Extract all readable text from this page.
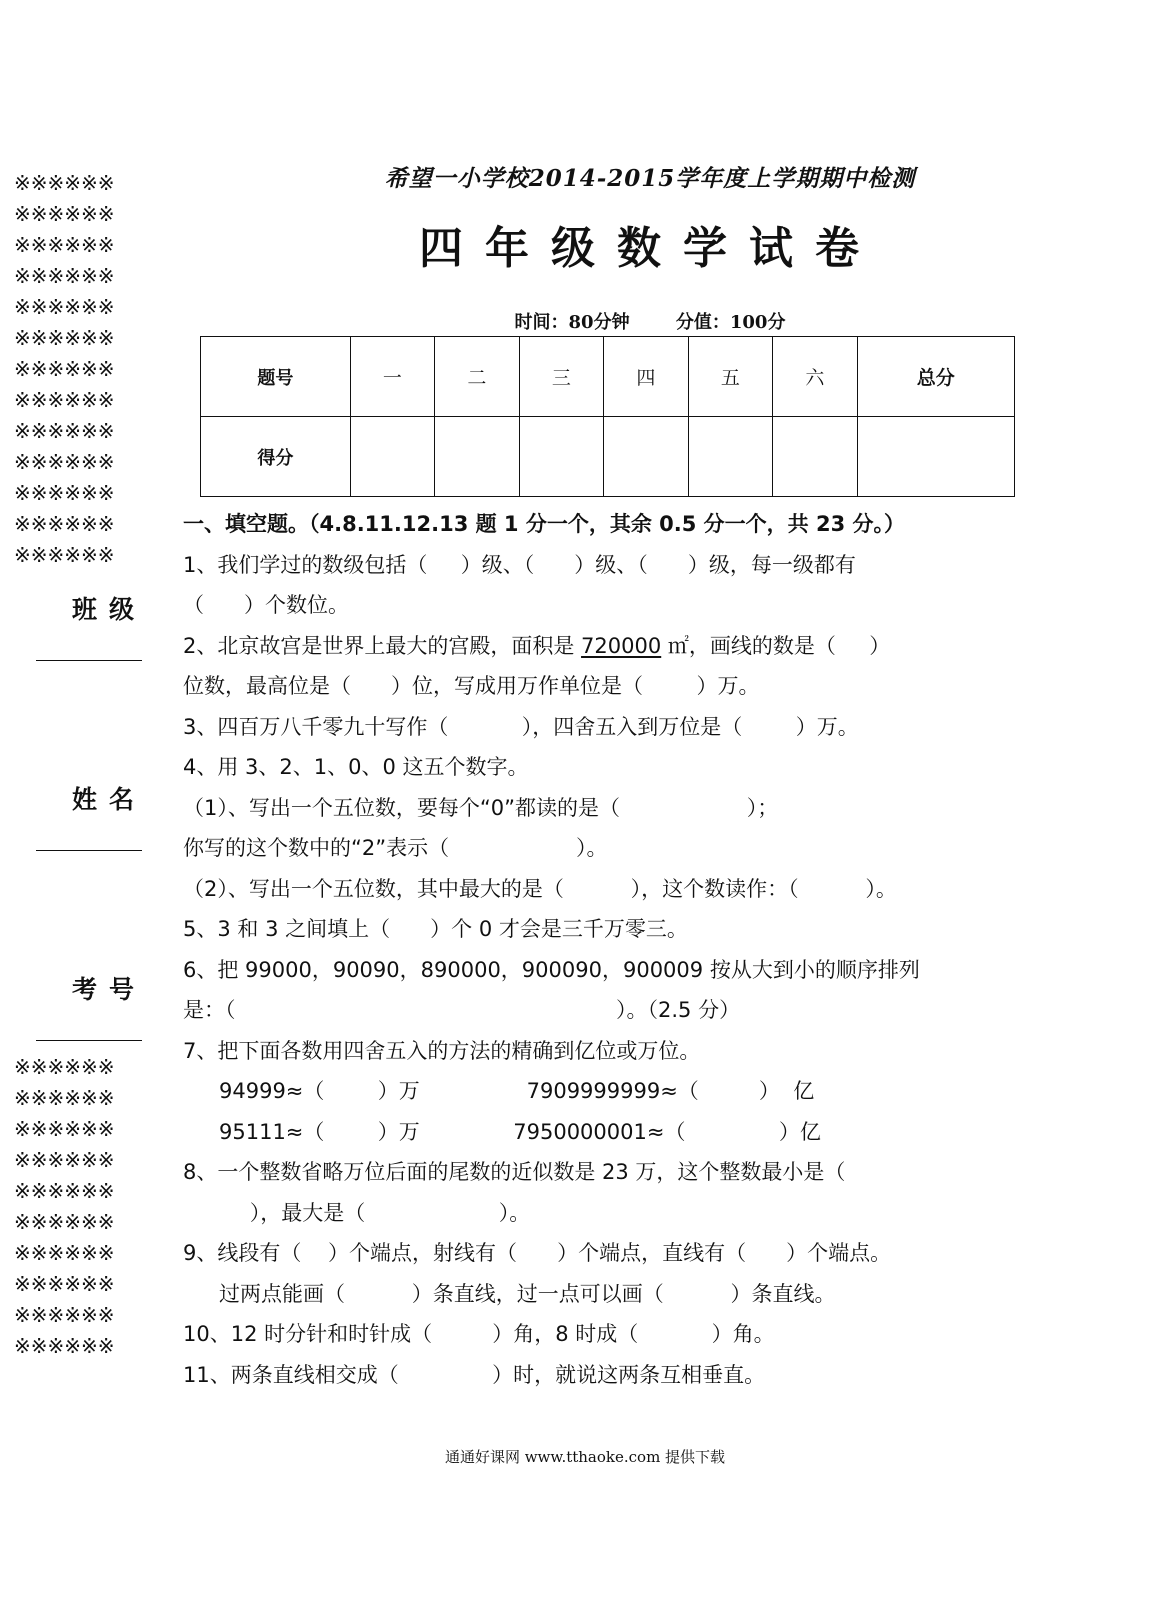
※※※※※※
※※※※※※
※※※※※※
※※※※※※
※※※※※※
※※※※※※
※※※※※※
※※※※※※
※※※※※※
※※※※※※
※※※※※※
※※※※※※
※※※※※※
班级
姓名
考号
※※※※※※
※※※※※※
※※※※※※
※※※※※※
※※※※※※
※※※※※※
※※※※※※
※※※※※※
※※※※※※
※※※※※※
希望一小学校2014-2015学年度上学期期中检测
四年级数学试卷
时间：80分钟	分值：100分
题号	一	二	三	四	五	六	总分
得分							
一、填空题。（4.8.11.12.13 题 1 分一个，其余 0.5 分一个，共 23 分。）
1、我们学过的数级包括（     ）级、（      ）级、（      ）级，每一级都有
（      ）个数位。
2、北京故宫是世界上最大的宫殿，面积是 720000 ㎡，画线的数是（     ）
位数，最高位是（      ）位，写成用万作单位是（        ）万。
3、四百万八千零九十写作（           ），四舍五入到万位是（        ）万。
4、用 3、2、1、0、0 这五个数字。
（1）、写出一个五位数，要每个“0”都读的是（                   ）；
你写的这个数中的“2”表示（                   ）。
（2）、写出一个五位数，其中最大的是（          ），这个数读作：（          ）。
5、3 和 3 之间填上（      ）个 0 才会是三千万零三。
6、把 99000，90090，890000，900090，900009 按从大到小的顺序排列
是：（                                                         ）。（2.5 分）
7、把下面各数用四舍五入的方法的精确到亿位或万位。
94999≈（        ）万                7909999999≈（         ）  亿
95111≈（        ）万              7950000001≈（              ）亿
8、一个整数省略万位后面的尾数的近似数是 23 万，这个整数最小是（
），最大是（                    ）。
9、线段有（    ）个端点，射线有（      ）个端点，直线有（      ）个端点。
过两点能画（          ）条直线，过一点可以画（          ）条直线。
10、12 时分针和时针成（         ）角，8 时成（           ）角。
11、两条直线相交成（              ）时，就说这两条互相垂直。
通通好课网 www.tthaoke.com 提供下载
